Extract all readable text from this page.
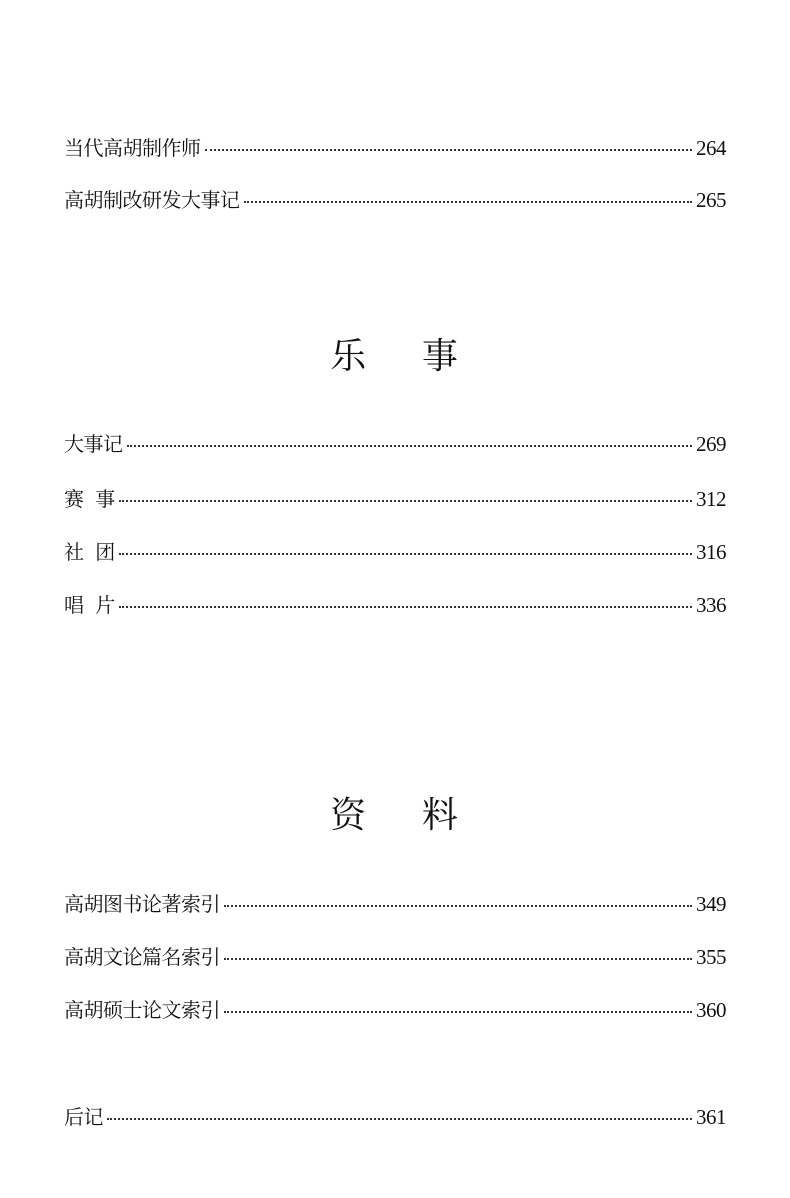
当代高胡制作师	264
高胡制改研发大事记	265
乐    事
大事记	269
赛  事	312
社  团	316
唱  片	336
资    料
高胡图书论著索引	349
高胡文论篇名索引	355
高胡硕士论文索引	360
后记	361
